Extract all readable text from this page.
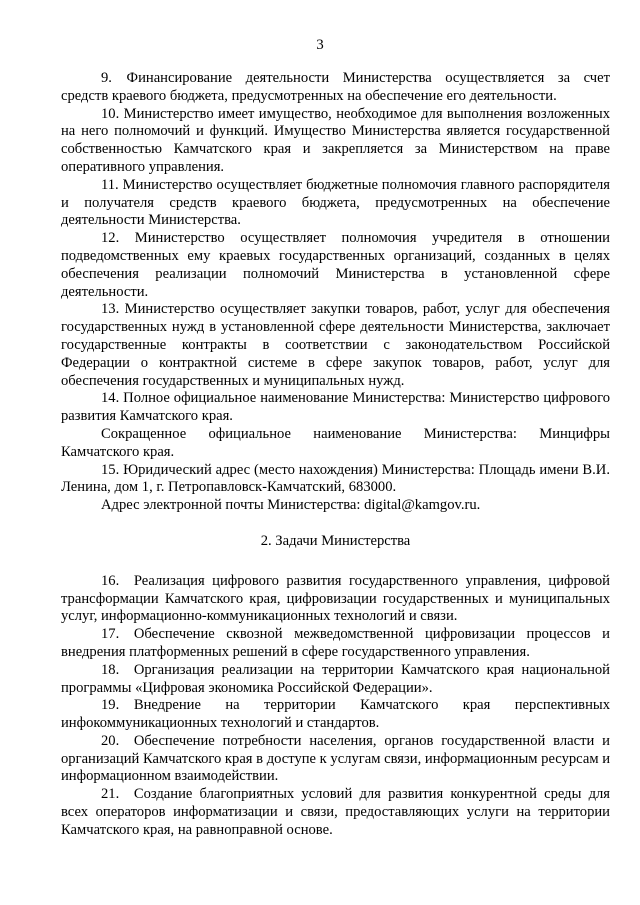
3

9. Финансирование деятельности Министерства осуществляется за счет средств краевого бюджета, предусмотренных на обеспечение его деятельности.

10. Министерство имеет имущество, необходимое для выполнения возложенных на него полномочий и функций. Имущество Министерства является государственной собственностью Камчатского края и закрепляется за Министерством на праве оперативного управления.

11. Министерство осуществляет бюджетные полномочия главного распорядителя и получателя средств краевого бюджета, предусмотренных на обеспечение деятельности Министерства.

12. Министерство осуществляет полномочия учредителя в отношении подведомственных ему краевых государственных организаций, созданных в целях обеспечения реализации полномочий Министерства в установленной сфере деятельности.

13. Министерство осуществляет закупки товаров, работ, услуг для обеспечения государственных нужд в установленной сфере деятельности Министерства, заключает государственные контракты в соответствии с законодательством Российской Федерации о контрактной системе в сфере закупок товаров, работ, услуг для обеспечения государственных и муниципальных нужд.

14. Полное официальное наименование Министерства: Министерство цифрового развития Камчатского края.

Сокращенное официальное наименование Министерства: Минцифры Камчатского края.

15. Юридический адрес (место нахождения) Министерства: Площадь имени В.И. Ленина, дом 1, г. Петропавловск-Камчатский, 683000.

Адрес электронной почты Министерства: digital@kamgov.ru.

2. Задачи Министерства

16. Реализация цифрового развития государственного управления, цифровой трансформации Камчатского края, цифровизации государственных и муниципальных услуг, информационно-коммуникационных технологий и связи.

17. Обеспечение сквозной межведомственной цифровизации процессов и внедрения платформенных решений в сфере государственного управления.

18. Организация реализации на территории Камчатского края национальной программы «Цифровая экономика Российской Федерации».

19. Внедрение на территории Камчатского края перспективных инфокоммуникационных технологий и стандартов.

20. Обеспечение потребности населения, органов государственной власти и организаций Камчатского края в доступе к услугам связи, информационным ресурсам и информационном взаимодействии.

21. Создание благоприятных условий для развития конкурентной среды для всех операторов информатизации и связи, предоставляющих услуги на территории Камчатского края, на равноправной основе.
